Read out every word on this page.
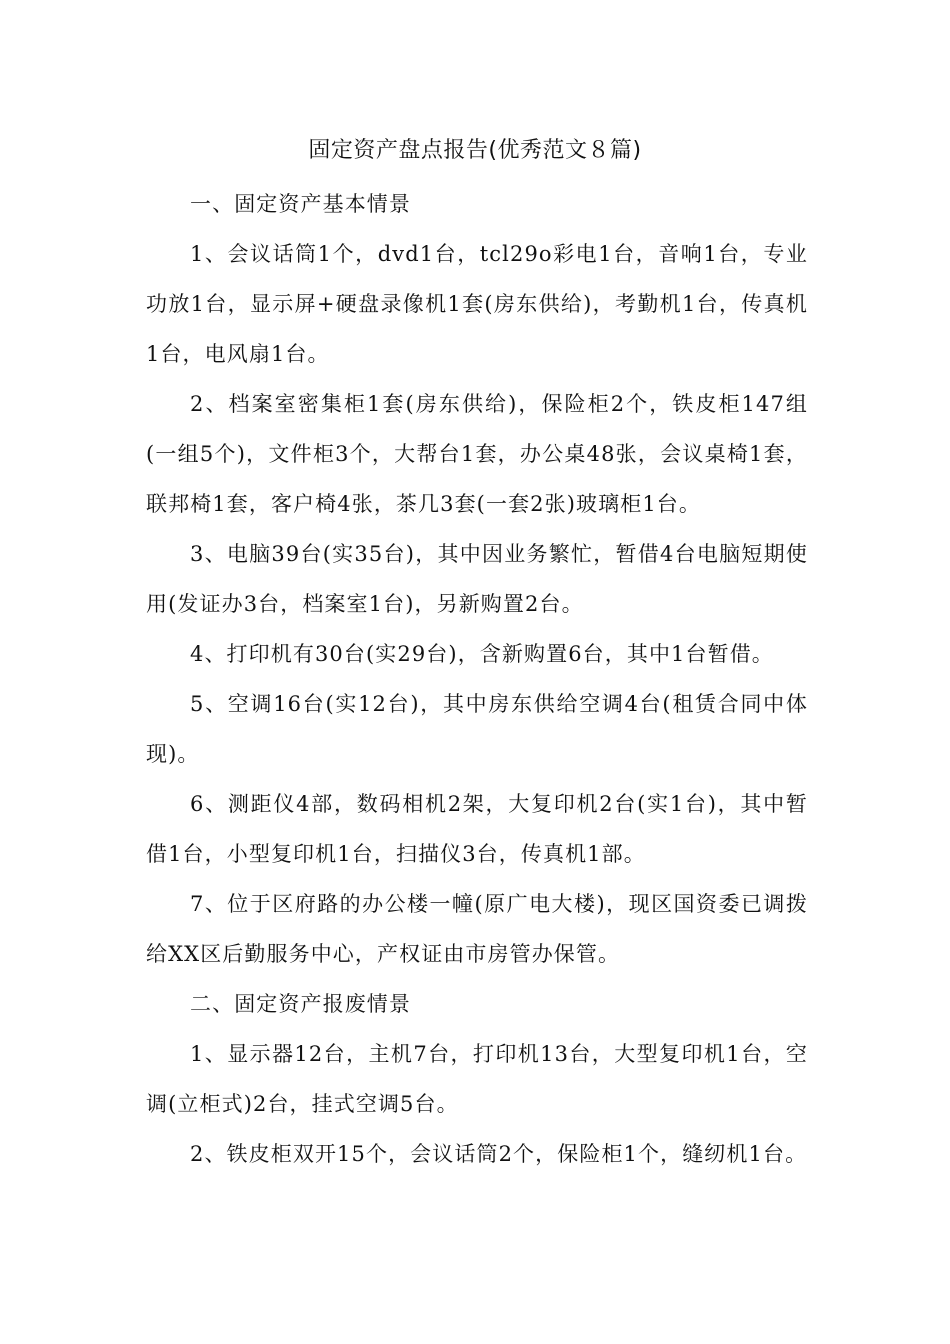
固定资产盘点报告(优秀范文８篇)

一、固定资产基本情景

1、会议话筒1个，dvd1台，tcl29o彩电1台，音响1台，专业功放1台，显示屏+硬盘录像机1套(房东供给)，考勤机1台，传真机1台，电风扇1台。

2、档案室密集柜1套(房东供给)，保险柜2个，铁皮柜147组(一组5个)，文件柜3个，大帮台1套，办公桌48张，会议桌椅1套，联邦椅1套，客户椅4张，茶几3套(一套2张)玻璃柜1台。

3、电脑39台(实35台)，其中因业务繁忙，暂借4台电脑短期使用(发证办3台，档案室1台)，另新购置2台。

4、打印机有30台(实29台)，含新购置6台，其中1台暂借。

5、空调16台(实12台)，其中房东供给空调4台(租赁合同中体现)。

6、测距仪4部，数码相机2架，大复印机2台(实1台)，其中暂借1台，小型复印机1台，扫描仪3台，传真机1部。

7、位于区府路的办公楼一幢(原广电大楼)，现区国资委已调拨给XX区后勤服务中心，产权证由市房管办保管。

二、固定资产报废情景

1、显示器12台，主机7台，打印机13台，大型复印机1台，空调(立柜式)2台，挂式空调5台。

2、铁皮柜双开15个，会议话筒2个，保险柜1个，缝纫机1台。
